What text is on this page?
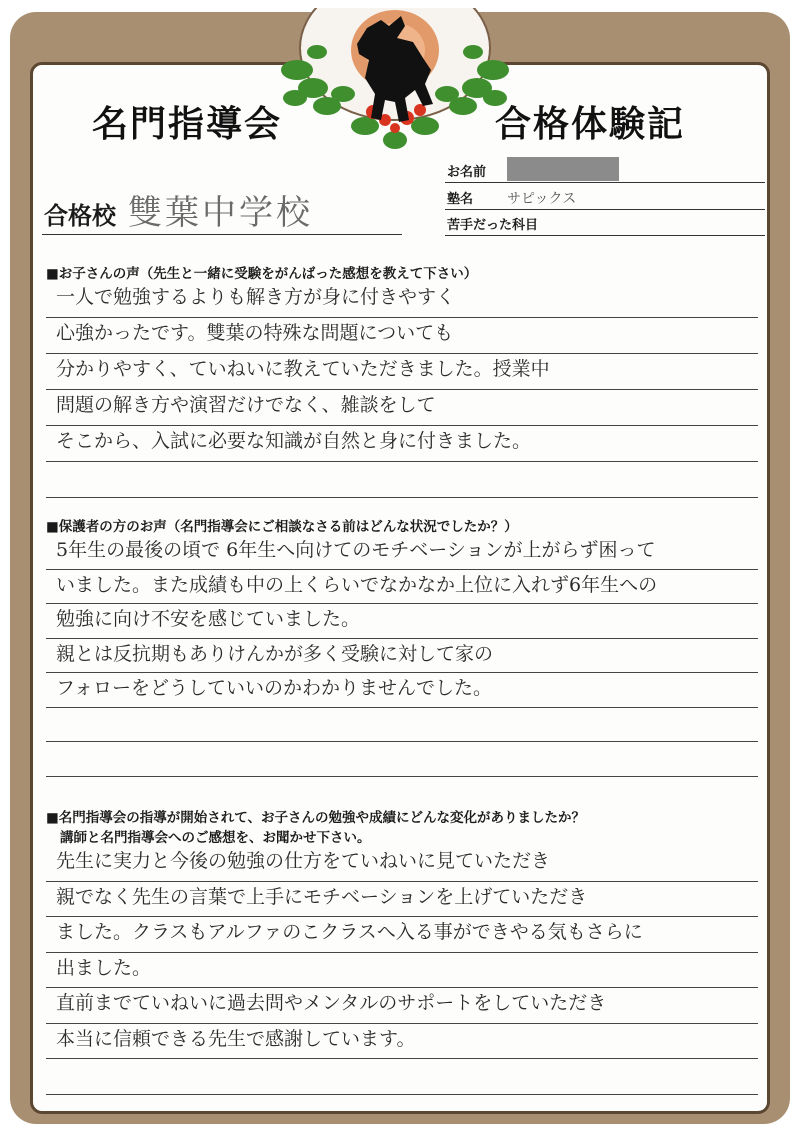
名門指導会	合格体験記
お名前
塾名 サピックス
苦手だった科目
合格校 雙葉中学校
■お子さんの声（先生と一緒に受験をがんばった感想を教えて下さい）
一人で勉強するよりも解き方が身に付きやすく
心強かったです。雙葉の特殊な問題についても
分かりやすく、ていねいに教えていただきました。授業中
問題の解き方や演習だけでなく、雑談をして
そこから、入試に必要な知識が自然と身に付きました。
■保護者の方のお声（名門指導会にご相談なさる前はどんな状況でしたか？）
5年生の最後の頃で 6年生へ向けてのモチベーションが上がらず困って
いました。また成績も中の上くらいでなかなか上位に入れず6年生への
勉強に向け不安を感じていました。
親とは反抗期もありけんかが多く受験に対して家の
フォローをどうしていいのかわかりませんでした。
■名門指導会の指導が開始されて、お子さんの勉強や成績にどんな変化がありましたか？
講師と名門指導会へのご感想を、お聞かせ下さい。
先生に実力と今後の勉強の仕方をていねいに見ていただき
親でなく先生の言葉で上手にモチベーションを上げていただき
ました。クラスもアルファのこクラスへ入る事ができやる気もさらに
出ました。
直前までていねいに過去問やメンタルのサポートをしていただき
本当に信頼できる先生で感謝しています。
